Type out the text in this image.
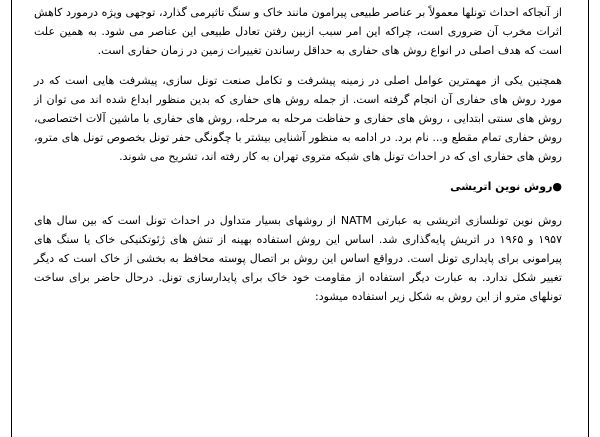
از آنجاکه احداث تونلها معمولاً بر عناصر طبیعی پیرامون مانند خاک و سنگ تاثیرمی گذارد، توجهی ویژه درمورد کاهش اثرات مخرب آن ضروری است، چراکه این امر سبب ازبین رفتن تعادل طبیعی این عناصر می شود. به همین علت است که هدف اصلی در انواع روش های حفاری به حداقل رساندن تغییرات زمین در زمان حفاری است.

همچنین یکی از مهمترین عوامل اصلی در زمینه پیشرفت و تکامل صنعت تونل سازی، پیشرفت هایی است که در مورد روش های حفاری آن انجام گرفته است. از جمله روش های حفاری که بدین منظور ابداع شده اند می توان از روش های سنتی ابتدایی ، روش های حفاری و حفاظت مرحله به مرحله، روش های حفاری با ماشین آلات اختصاصی، روش حفاری تمام مقطع و... نام برد. در ادامه به منظور آشنایی بیشتر با چگونگی حفر تونل بخصوص تونل های مترو، روش های حفاری ای که در احداث تونل های شبکه متروی تهران به کار رفته اند، تشریح می شوند.

●روش نوین اتریشی

روش نوین تونلسازی اتریشی به عبارتی NATM از روشهای بسیار متداول در احداث تونل است که بین سال های ۱۹۵۷ و ۱۹۶۵ در اتریش پایه‌گذاری شد. اساس این روش استفاده بهینه از تنش های ژئوتکنیکی خاک یا سنگ های پیرامونی برای پایداری تونل است. درواقع اساس این روش بر اتصال پوسته محافظ به بخشی از خاک است که دیگر تغییر شکل ندارد. به عبارت دیگر استفاده از مقاومت خود خاک برای پایدارسازی تونل. درحال حاضر برای ساخت تونلهای مترو از این روش به شکل زیر استفاده میشود:
